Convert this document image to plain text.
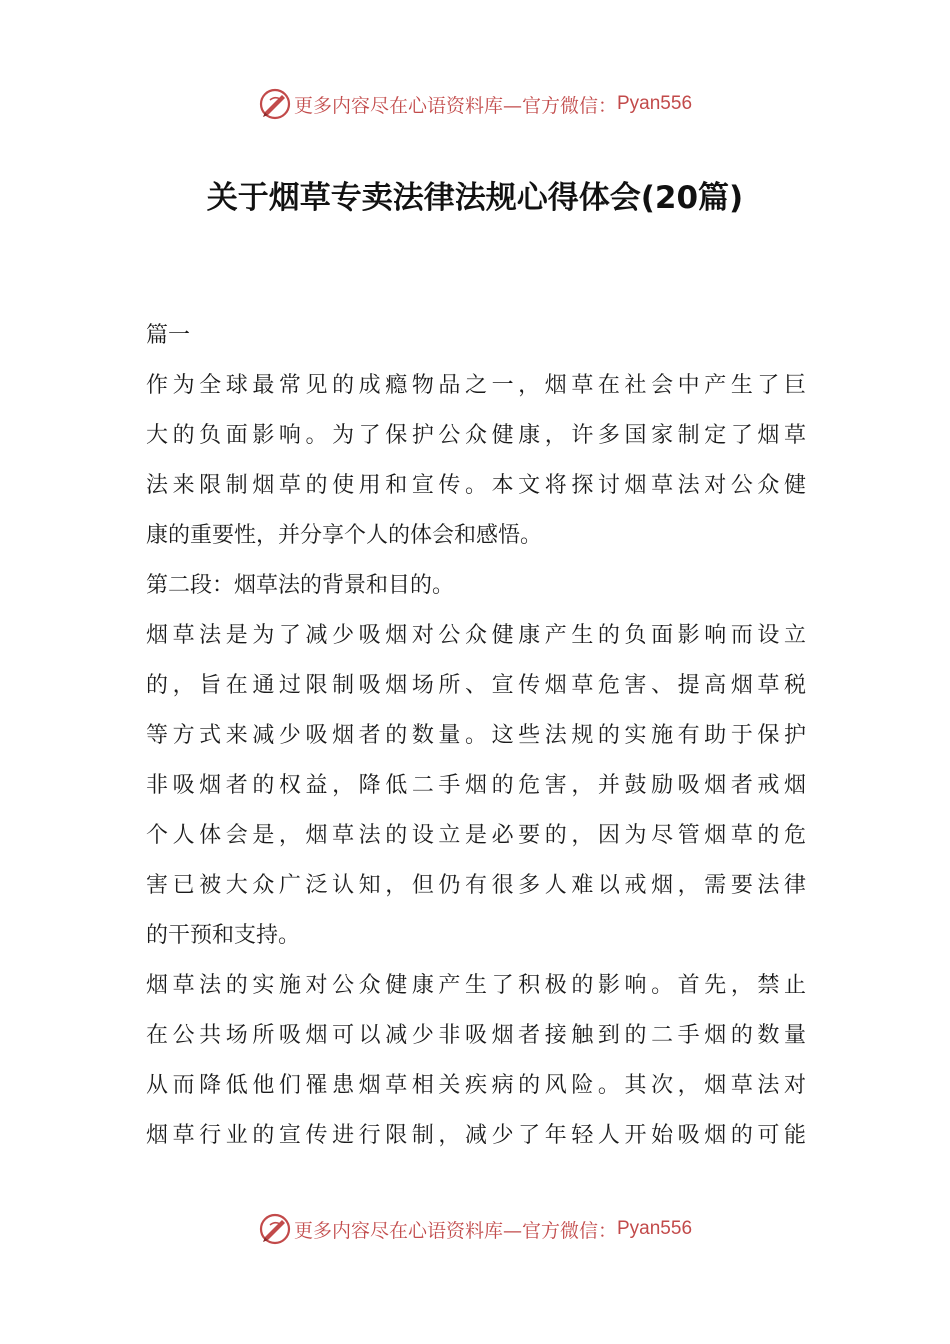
更多内容尽在心语资料库—官方微信： Pyan556
关于烟草专卖法律法规心得体会(20篇)
篇一
作为全球最常见的成瘾物品之一，烟草在社会中产生了巨
大的负面影响。为了保护公众健康，许多国家制定了烟草
法来限制烟草的使用和宣传。本文将探讨烟草法对公众健
康的重要性，并分享个人的体会和感悟。
第二段：烟草法的背景和目的。
烟草法是为了减少吸烟对公众健康产生的负面影响而设立
的，旨在通过限制吸烟场所、宣传烟草危害、提高烟草税
等方式来减少吸烟者的数量。这些法规的实施有助于保护
非吸烟者的权益，降低二手烟的危害，并鼓励吸烟者戒烟
个人体会是，烟草法的设立是必要的，因为尽管烟草的危
害已被大众广泛认知，但仍有很多人难以戒烟，需要法律
的干预和支持。
烟草法的实施对公众健康产生了积极的影响。首先，禁止
在公共场所吸烟可以减少非吸烟者接触到的二手烟的数量
从而降低他们罹患烟草相关疾病的风险。其次，烟草法对
烟草行业的宣传进行限制，减少了年轻人开始吸烟的可能
更多内容尽在心语资料库—官方微信： Pyan556
